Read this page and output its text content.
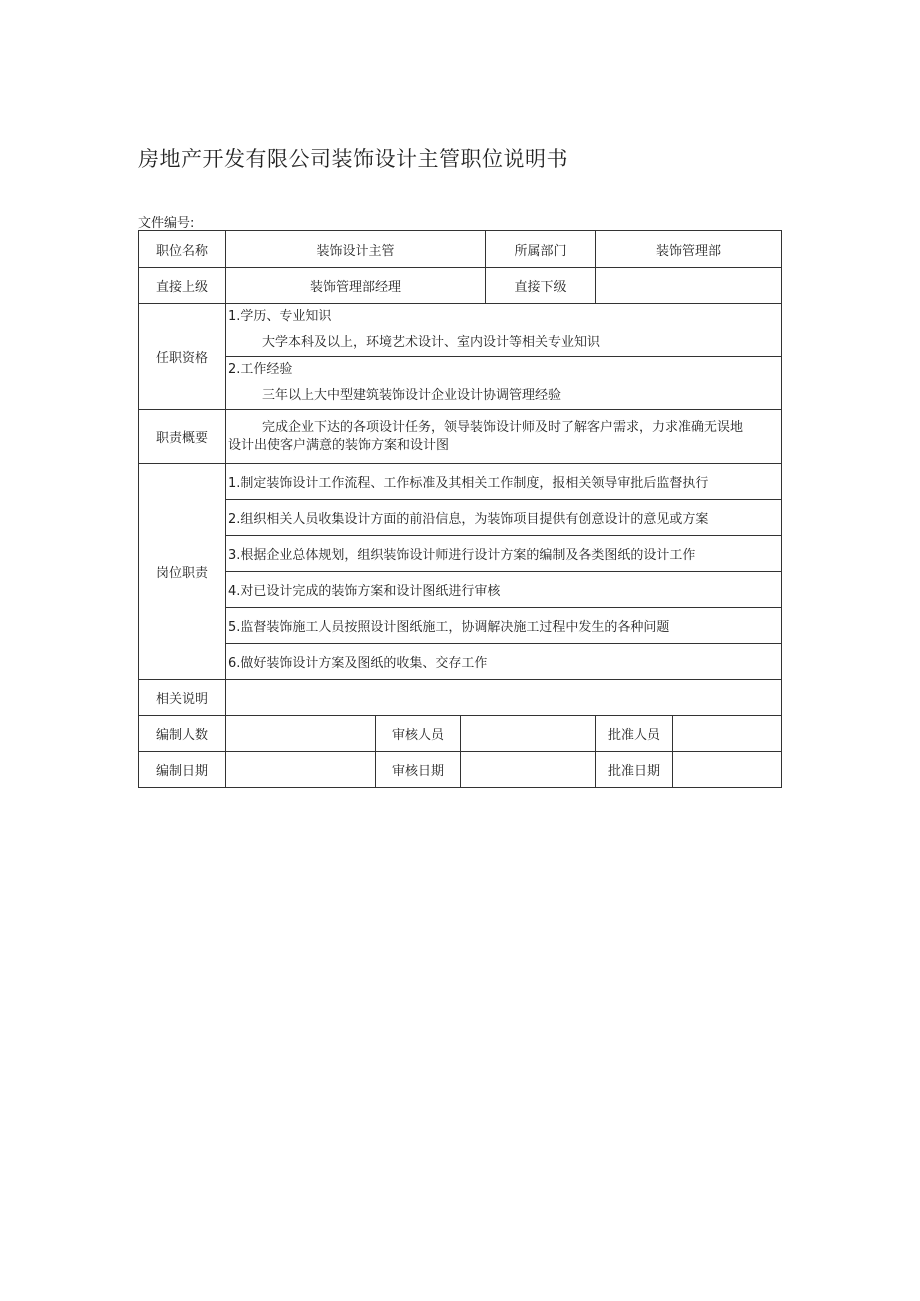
房地产开发有限公司装饰设计主管职位说明书
文件编号:
职位名称	装饰设计主管			所属部门	装饰管理部	
直接上级	装饰管理部经理			直接下级		
任职资格	1.学历、专业知识
大学本科及以上，环境艺术设计、室内设计等相关专业知识					

	2.工作经验
三年以上大中型建筑装饰设计企业设计协调管理经验					

职责概要	完成企业下达的各项设计任务，领导装饰设计师及时了解客户需求，力求准确无误地
设计出使客户满意的装饰方案和设计图					

岗位职责	1.制定装饰设计工作流程、工作标准及其相关工作制度，报相关领导审批后监督执行					
	2.组织相关人员收集设计方面的前沿信息，为装饰项目提供有创意设计的意见或方案					
	3.根据企业总体规划，组织装饰设计师进行设计方案的编制及各类图纸的设计工作					
	4.对已设计完成的装饰方案和设计图纸进行审核					
	5.监督装饰施工人员按照设计图纸施工，协调解决施工过程中发生的各种问题					
	6.做好装饰设计方案及图纸的收集、交存工作					
相关说明						
编制人数		审核人员			批准人员	
编制日期		审核日期			批准日期	
